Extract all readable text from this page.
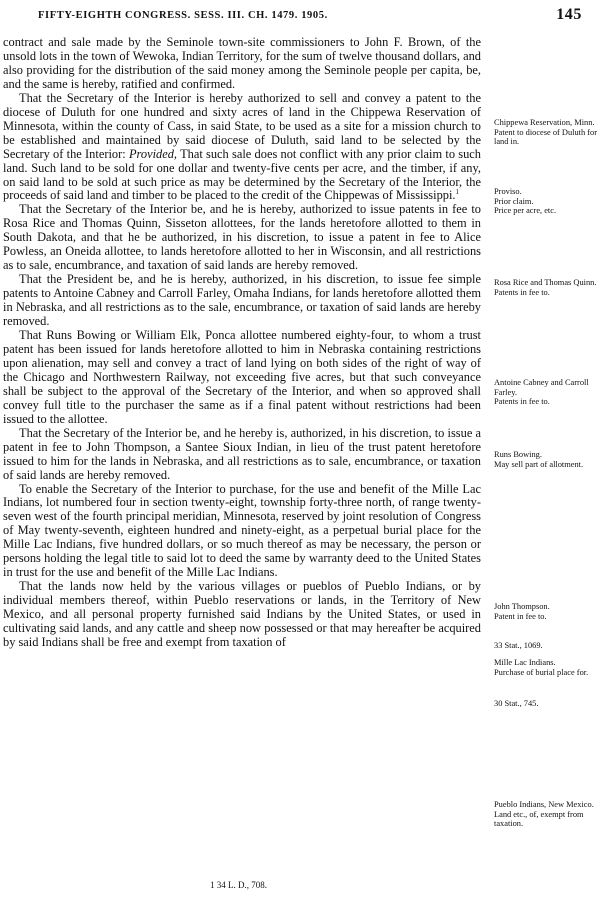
FIFTY-EIGHTH CONGRESS. SESS. III. CH. 1479. 1905.	145

contract and sale made by the Seminole town-site commissioners to John F. Brown, of the unsold lots in the town of Wewoka, Indian Territory, for the sum of twelve thousand dollars, and also providing for the distribution of the said money among the Seminole people per capita, be, and the same is hereby, ratified and confirmed.

That the Secretary of the Interior is hereby authorized to sell and convey a patent to the diocese of Duluth for one hundred and sixty acres of land in the Chippewa Reservation of Minnesota, within the county of Cass, in said State, to be used as a site for a mission church to be established and maintained by said diocese of Duluth, said land to be selected by the Secretary of the Interior: Provided, That such sale does not conflict with any prior claim to such land. Such land to be sold for one dollar and twenty-five cents per acre, and the timber, if any, on said land to be sold at such price as may be determined by the Secretary of the Interior, the proceeds of said land and timber to be placed to the credit of the Chippewas of Mississippi.$^1$

That the Secretary of the Interior be, and he is hereby, authorized to issue patents in fee to Rosa Rice and Thomas Quinn, Sisseton allottees, for the lands heretofore allotted to them in South Dakota, and that he be authorized, in his discretion, to issue a patent in fee to Alice Powless, an Oneida allottee, to lands heretofore allotted to her in Wisconsin, and all restrictions as to sale, encumbrance, and taxation of said lands are hereby removed.

That the President be, and he is hereby, authorized, in his discretion, to issue fee simple patents to Antoine Cabney and Carroll Farley, Omaha Indians, for lands heretofore allotted them in Nebraska, and all restrictions as to the sale, encumbrance, or taxation of said lands are hereby removed.

That Runs Bowing or William Elk, Ponca allottee numbered eighty-four, to whom a trust patent has been issued for lands heretofore allotted to him in Nebraska containing restrictions upon alienation, may sell and convey a tract of land lying on both sides of the right of way of the Chicago and Northwestern Railway, not exceeding five acres, but that such conveyance shall be subject to the approval of the Secretary of the Interior, and when so approved shall convey full title to the purchaser the same as if a final patent without restrictions had been issued to the allottee.

That the Secretary of the Interior be, and he hereby is, authorized, in his discretion, to issue a patent in fee to John Thompson, a Santee Sioux Indian, in lieu of the trust patent heretofore issued to him for the lands in Nebraska, and all restrictions as to sale, encumbrance, or taxation of said lands are hereby removed.

To enable the Secretary of the Interior to purchase, for the use and benefit of the Mille Lac Indians, lot numbered four in section twenty-eight, township forty-three north, of range twenty-seven west of the fourth principal meridian, Minnesota, reserved by joint resolution of Congress of May twenty-seventh, eighteen hundred and ninety-eight, as a perpetual burial place for the Mille Lac Indians, five hundred dollars, or so much thereof as may be necessary, the person or persons holding the legal title to said lot to deed the same by warranty deed to the United States in trust for the use and benefit of the Mille Lac Indians.

That the lands now held by the various villages or pueblos of Pueblo Indians, or by individual members thereof, within Pueblo reservations or lands, in the Territory of New Mexico, and all personal property furnished said Indians by the United States, or used in cultivating said lands, and any cattle and sheep now possessed or that may hereafter be acquired by said Indians shall be free and exempt from taxation of

Chippewa Reservation, Minn.
Patent to diocese of Duluth for land in.
Proviso.
Prior claim.
Price per acre, etc.
Rosa Rice and Thomas Quinn.
Patents in fee to.
Antoine Cabney and Carroll Farley.
Patents in fee to.
Runs Bowing.
May sell part of allotment.
John Thompson.
Patent in fee to.
33 Stat., 1069.
Mille Lac Indians.
Purchase of burial place for.
30 Stat., 745.
Pueblo Indians, New Mexico.
Land etc., of, exempt from taxation.
1 34 L. D., 708.
